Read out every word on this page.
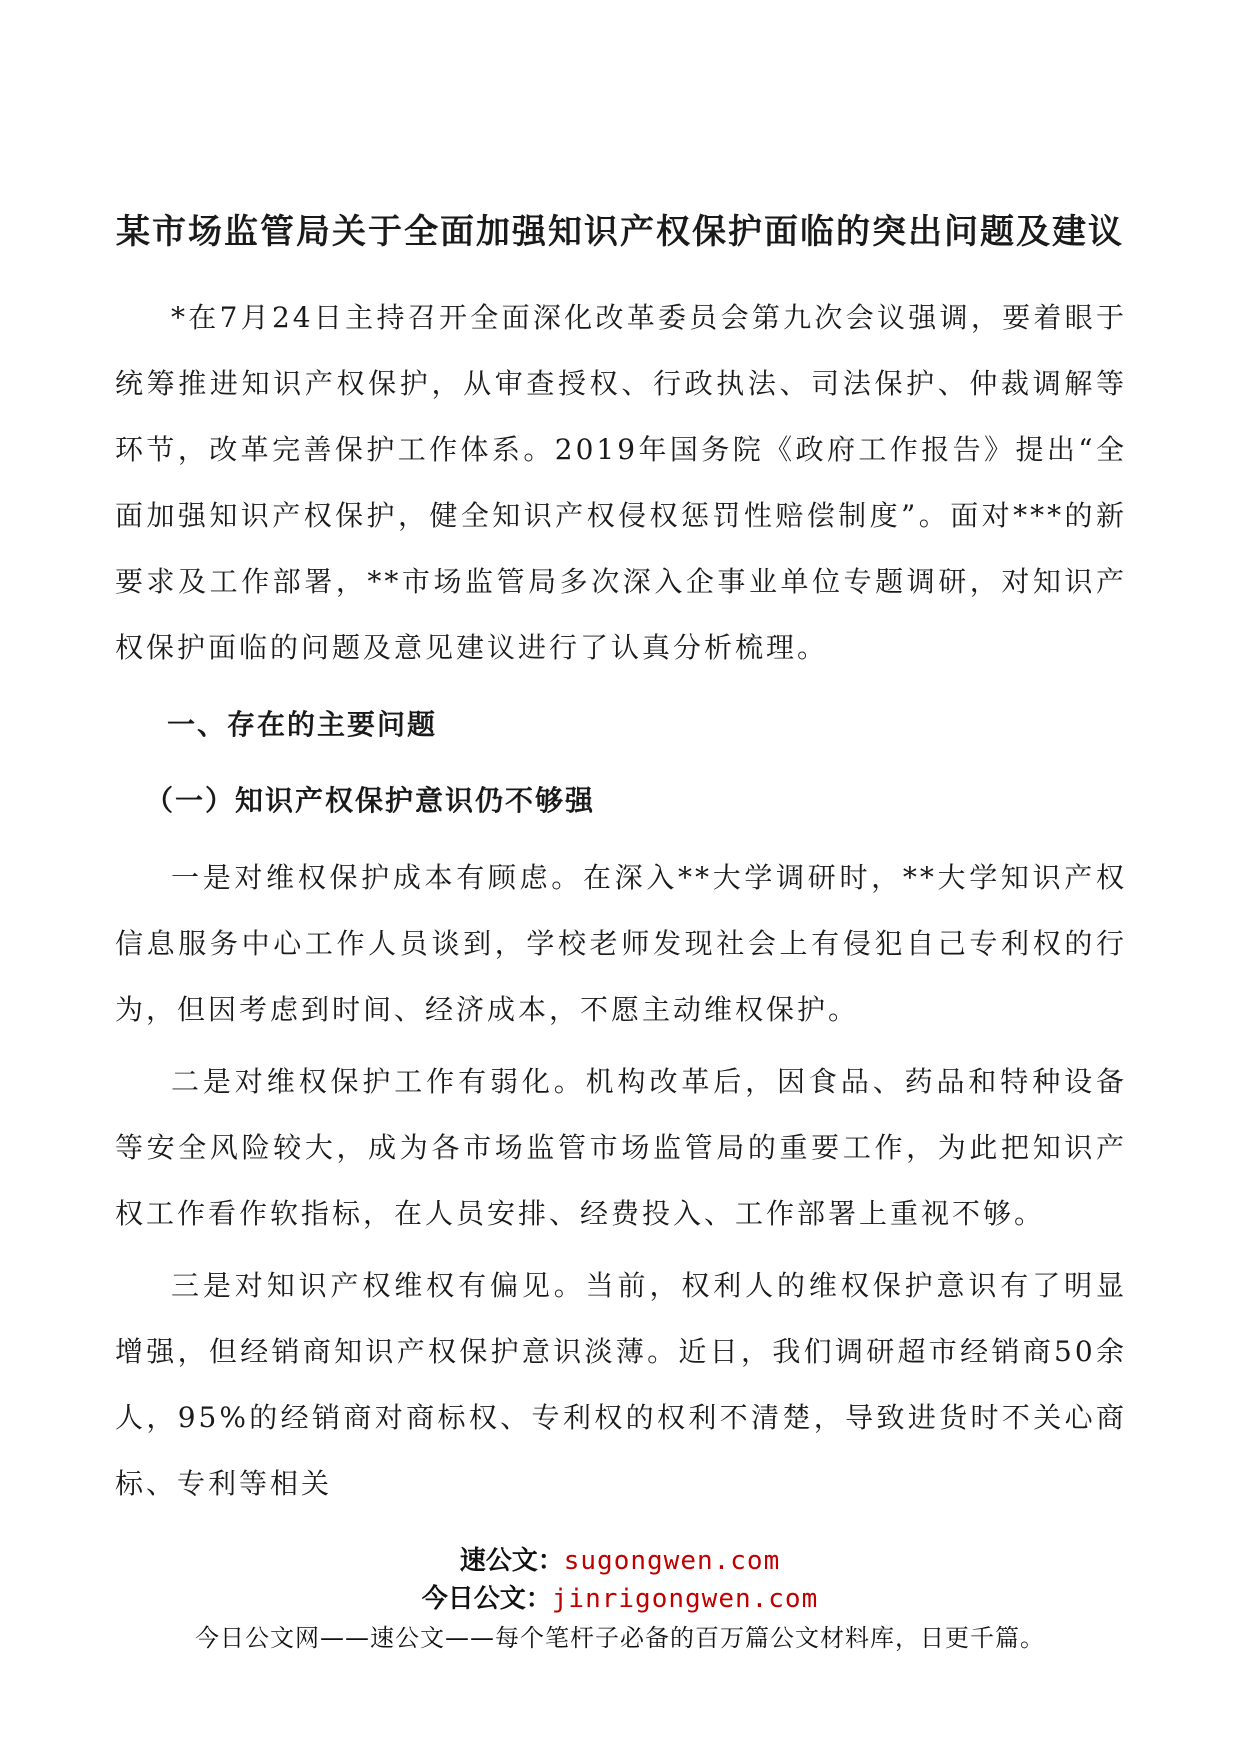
某市场监管局关于全面加强知识产权保护面临的突出问题及建议

*在7月24日主持召开全面深化改革委员会第九次会议强调，要着眼于统筹推进知识产权保护，从审查授权、行政执法、司法保护、仲裁调解等环节，改革完善保护工作体系。2019年国务院《政府工作报告》提出“全面加强知识产权保护，健全知识产权侵权惩罚性赔偿制度”。面对***的新要求及工作部署，**市场监管局多次深入企事业单位专题调研，对知识产权保护面临的问题及意见建议进行了认真分析梳理。

一、存在的主要问题
（一）知识产权保护意识仍不够强

一是对维权保护成本有顾虑。在深入**大学调研时，**大学知识产权信息服务中心工作人员谈到，学校老师发现社会上有侵犯自己专利权的行为，但因考虑到时间、经济成本，不愿主动维权保护。

二是对维权保护工作有弱化。机构改革后，因食品、药品和特种设备等安全风险较大，成为各市场监管市场监管局的重要工作，为此把知识产权工作看作软指标，在人员安排、经费投入、工作部署上重视不够。

三是对知识产权维权有偏见。当前，权利人的维权保护意识有了明显增强，但经销商知识产权保护意识淡薄。近日，我们调研超市经销商50余人，95%的经销商对商标权、专利权的权利不清楚，导致进货时不关心商标、专利等相关

速公文：sugongwen.com
今日公文：jinrigongwen.com
今日公文网——速公文——每个笔杆子必备的百万篇公文材料库，日更千篇。
